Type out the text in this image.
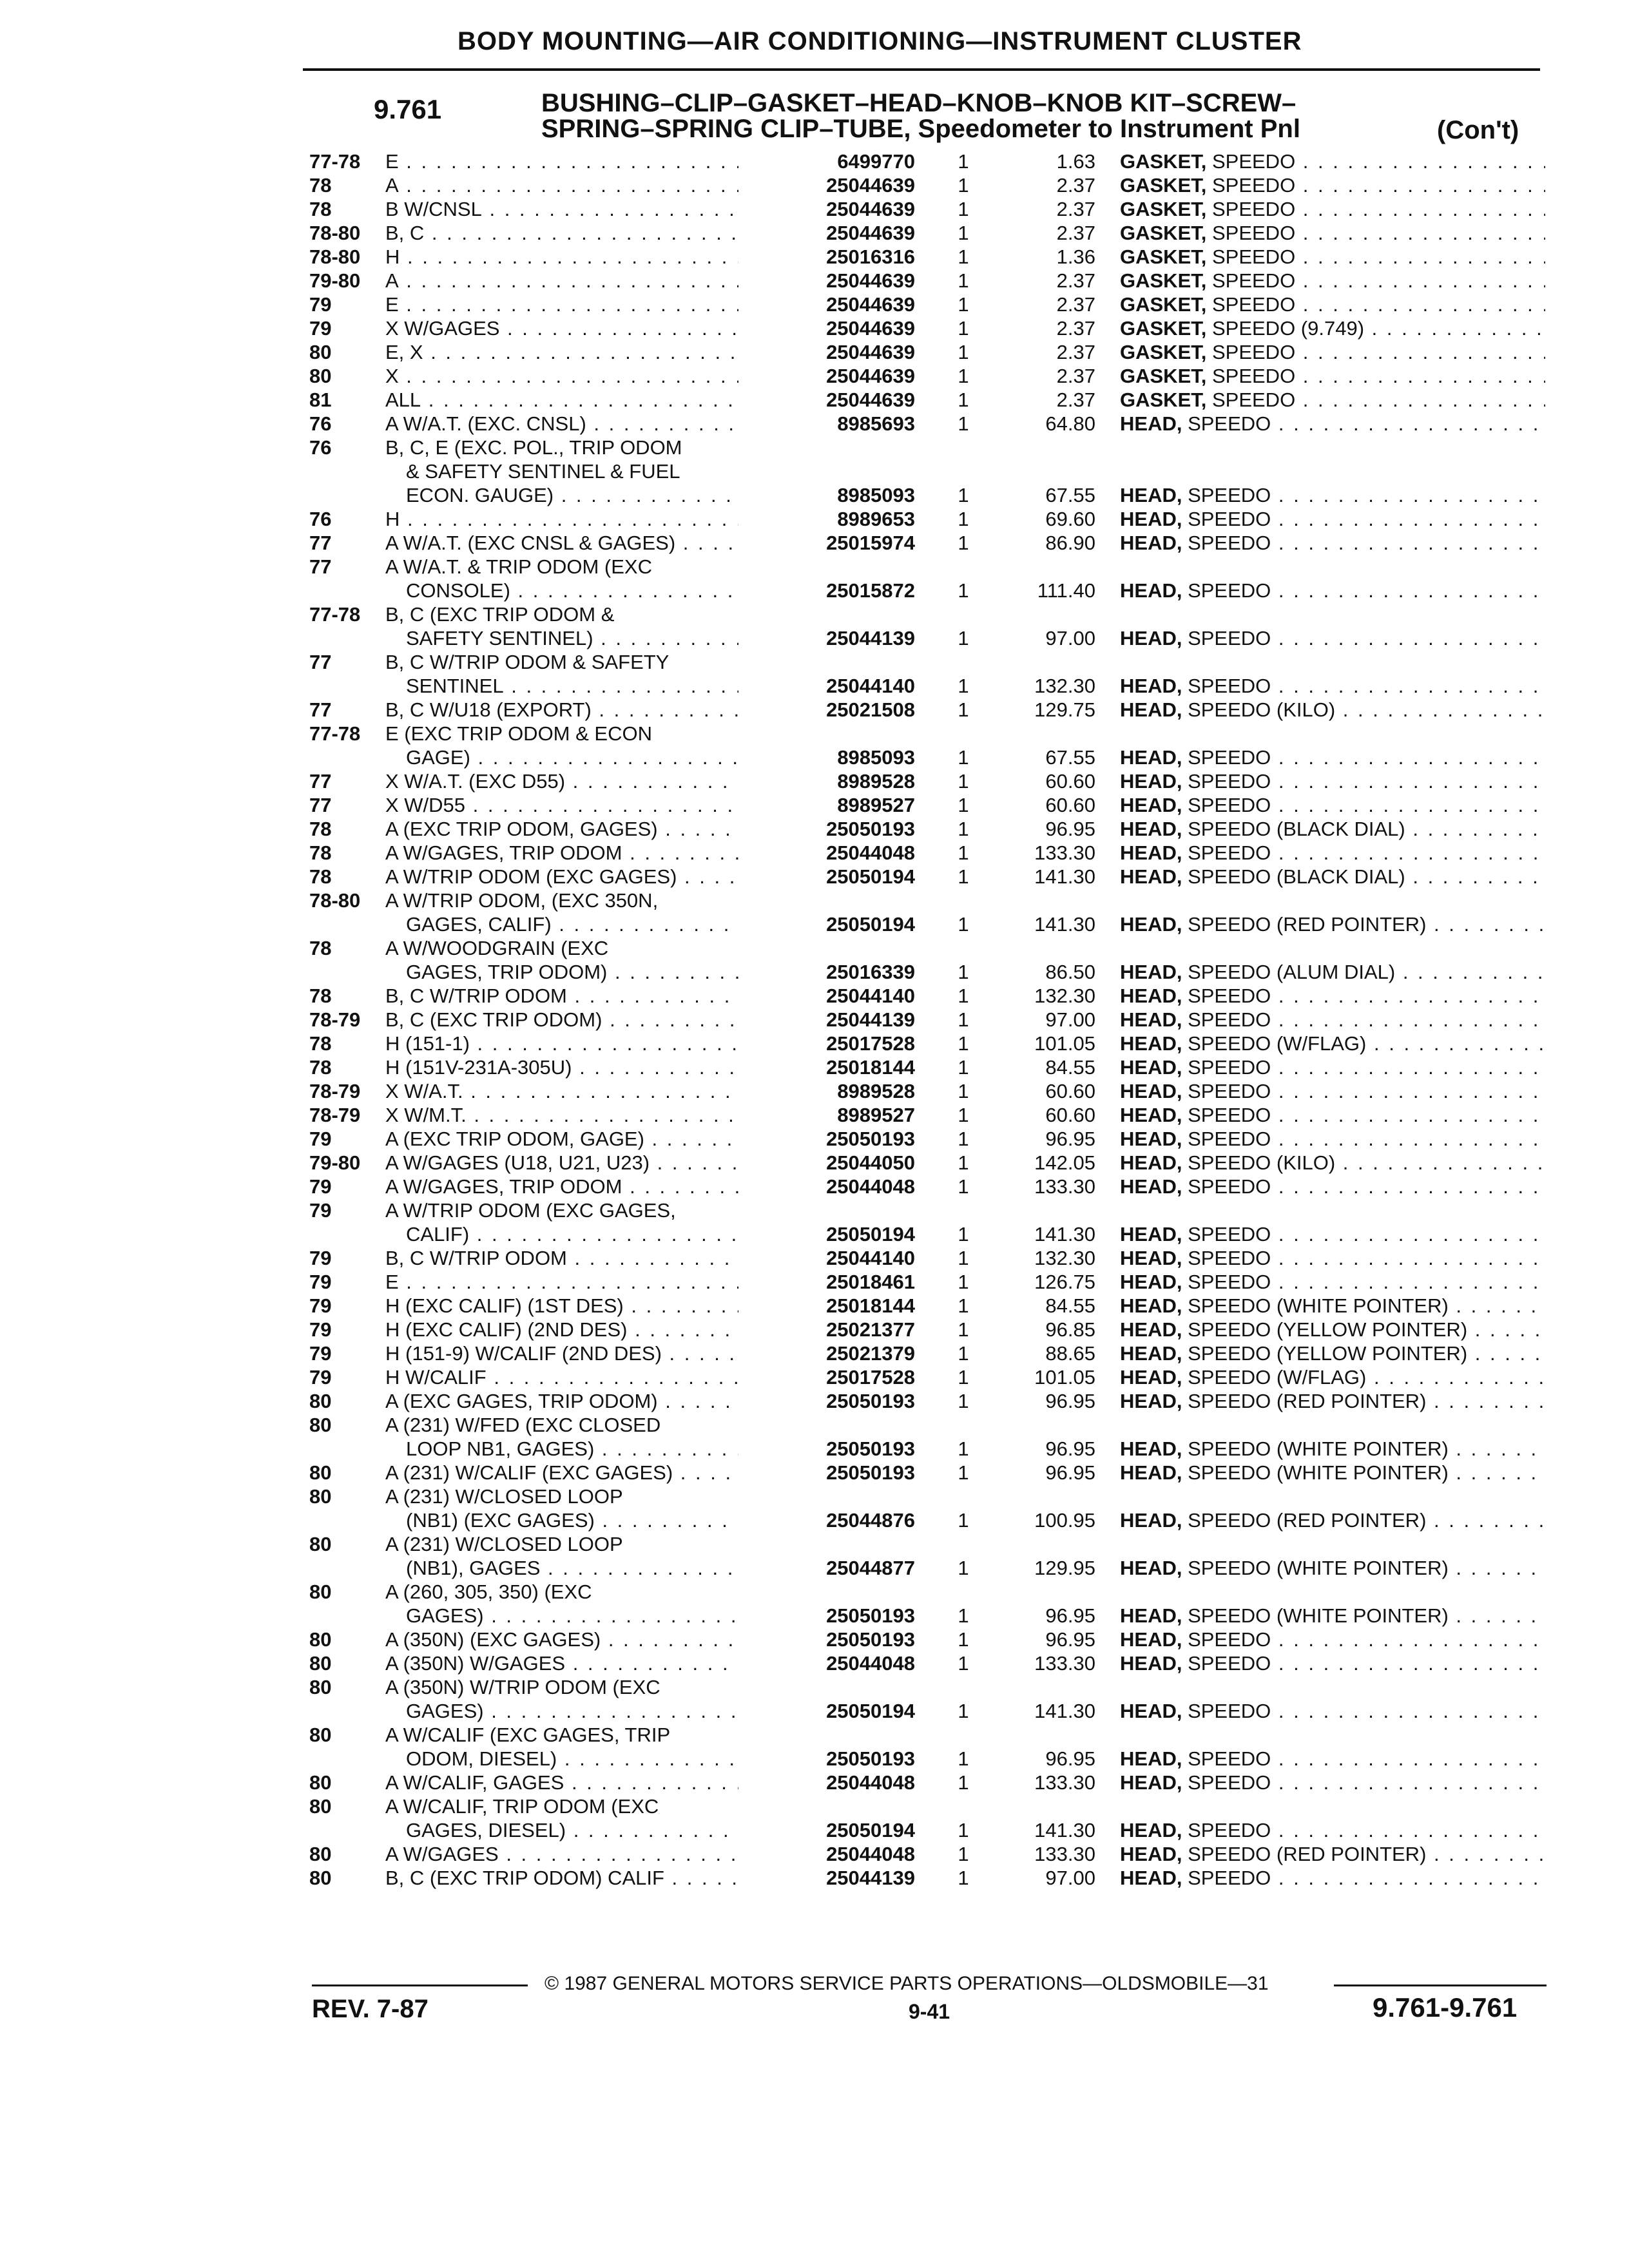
BODY MOUNTING—AIR CONDITIONING—INSTRUMENT CLUSTER
9.761	BUSHING–CLIP–GASKET–HEAD–KNOB–KNOB KIT–SCREW–
SPRING–SPRING CLIP–TUBE, Speedometer to Instrument Pnl	(Con't)
77-78 E . . .	6499770 1	1.63 GASKET, SPEEDO . . .
78	A . . .	25044639 1	2.37 GASKET, SPEEDO . . .
78	B W/CNSL . . .	25044639 1	2.37 GASKET, SPEEDO . . .
78-80 B, C . . .	25044639 1	2.37 GASKET, SPEEDO . . .
78-80 H . . .	25016316 1	1.36 GASKET, SPEEDO . . .
79-80 A . . .	25044639 1	2.37 GASKET, SPEEDO . . .
79	E . . .	25044639 1	2.37 GASKET, SPEEDO . . .
79	X W/GAGES . . .	25044639 1	2.37 GASKET, SPEEDO (9.749) . . .
80	E, X . . .	25044639 1	2.37 GASKET, SPEEDO . . .
80	X . . .	25044639 1	2.37 GASKET, SPEEDO . . .
81	ALL . . .	25044639 1	2.37 GASKET, SPEEDO . . .
76	A W/A.T. (EXC. CNSL) . . .	8985693 1	64.80 HEAD, SPEEDO . . .
76	B, C, E (EXC. POL., TRIP ODOM
& SAFETY SENTINEL & FUEL
ECON. GAUGE) . . .	8985093 1	67.55 HEAD, SPEEDO . . .
76	H . . .	8989653 1	69.60 HEAD, SPEEDO . . .
77	A W/A.T. (EXC CNSL & GAGES) . . .	25015974 1	86.90 HEAD, SPEEDO . . .
77	A W/A.T. & TRIP ODOM (EXC
CONSOLE) . . .	25015872 1	111.40 HEAD, SPEEDO . . .
77-78 B, C (EXC TRIP ODOM &
SAFETY SENTINEL) . . .	25044139 1	97.00 HEAD, SPEEDO . . .
77	B, C W/TRIP ODOM & SAFETY
SENTINEL . . .	25044140 1	132.30 HEAD, SPEEDO . . .
77	B, C W/U18 (EXPORT) . . .	25021508 1	129.75 HEAD, SPEEDO (KILO) . . .
77-78 E (EXC TRIP ODOM & ECON
GAGE) . . .	8985093 1	67.55 HEAD, SPEEDO . . .
77	X W/A.T. (EXC D55) . . .	8989528 1	60.60 HEAD, SPEEDO . . .
77	X W/D55 . . .	8989527 1	60.60 HEAD, SPEEDO . . .
78	A (EXC TRIP ODOM, GAGES) . . .	25050193 1	96.95 HEAD, SPEEDO (BLACK DIAL) . . .
78	A W/GAGES, TRIP ODOM . . .	25044048 1	133.30 HEAD, SPEEDO . . .
78	A W/TRIP ODOM (EXC GAGES) . . .	25050194 1	141.30 HEAD, SPEEDO (BLACK DIAL) . . .
78-80 A W/TRIP ODOM, (EXC 350N,
GAGES, CALIF) . . .	25050194 1	141.30 HEAD, SPEEDO (RED POINTER) . . .
78	A W/WOODGRAIN (EXC
GAGES, TRIP ODOM) . . .	25016339 1	86.50 HEAD, SPEEDO (ALUM DIAL) . . .
78	B, C W/TRIP ODOM . . .	25044140 1	132.30 HEAD, SPEEDO . . .
78-79 B, C (EXC TRIP ODOM) . . .	25044139 1	97.00 HEAD, SPEEDO . . .
78	H (151-1) . . .	25017528 1	101.05 HEAD, SPEEDO (W/FLAG) . . .
78	H (151V-231A-305U) . . .	25018144 1	84.55 HEAD, SPEEDO . . .
78-79 X W/A.T. . . .	8989528 1	60.60 HEAD, SPEEDO . . .
78-79 X W/M.T. . . .	8989527 1	60.60 HEAD, SPEEDO . . .
79	A (EXC TRIP ODOM, GAGE) . . .	25050193 1	96.95 HEAD, SPEEDO . . .
79-80 A W/GAGES (U18, U21, U23) . . .	25044050 1	142.05 HEAD, SPEEDO (KILO) . . .
79	A W/GAGES, TRIP ODOM . . .	25044048 1	133.30 HEAD, SPEEDO . . .
79	A W/TRIP ODOM (EXC GAGES,
CALIF) . . .	25050194 1	141.30 HEAD, SPEEDO . . .
79	B, C W/TRIP ODOM . . .	25044140 1	132.30 HEAD, SPEEDO . . .
79	E . . .	25018461 1	126.75 HEAD, SPEEDO . . .
79	H (EXC CALIF) (1ST DES) . . .	25018144 1	84.55 HEAD, SPEEDO (WHITE POINTER) . . .
79	H (EXC CALIF) (2ND DES) . . .	25021377 1	96.85 HEAD, SPEEDO (YELLOW POINTER) . . .
79	H (151-9) W/CALIF (2ND DES) . . .	25021379 1	88.65 HEAD, SPEEDO (YELLOW POINTER) . . .
79	H W/CALIF . . .	25017528 1	101.05 HEAD, SPEEDO (W/FLAG) . . .
80	A (EXC GAGES, TRIP ODOM) . . .	25050193 1	96.95 HEAD, SPEEDO (RED POINTER) . . .
80	A (231) W/FED (EXC CLOSED
LOOP NB1, GAGES) . . .	25050193 1	96.95 HEAD, SPEEDO (WHITE POINTER) . . .
80	A (231) W/CALIF (EXC GAGES) . . .	25050193 1	96.95 HEAD, SPEEDO (WHITE POINTER) . . .
80	A (231) W/CLOSED LOOP
(NB1) (EXC GAGES) . . .	25044876 1	100.95 HEAD, SPEEDO (RED POINTER) . . .
80	A (231) W/CLOSED LOOP
(NB1), GAGES . . .	25044877 1	129.95 HEAD, SPEEDO (WHITE POINTER) . . .
80	A (260, 305, 350) (EXC
GAGES) . . .	25050193 1	96.95 HEAD, SPEEDO (WHITE POINTER) . . .
80	A (350N) (EXC GAGES) . . .	25050193 1	96.95 HEAD, SPEEDO . . .
80	A (350N) W/GAGES . . .	25044048 1	133.30 HEAD, SPEEDO . . .
80	A (350N) W/TRIP ODOM (EXC
GAGES) . . .	25050194 1	141.30 HEAD, SPEEDO . . .
80	A W/CALIF (EXC GAGES, TRIP
ODOM, DIESEL) . . .	25050193 1	96.95 HEAD, SPEEDO . . .
80	A W/CALIF, GAGES . . .	25044048 1	133.30 HEAD, SPEEDO . . .
80	A W/CALIF, TRIP ODOM (EXC
GAGES, DIESEL) . . .	25050194 1	141.30 HEAD, SPEEDO . . .
80	A W/GAGES . . .	25044048 1	133.30 HEAD, SPEEDO (RED POINTER) . . .
80	B, C (EXC TRIP ODOM) CALIF . . .	25044139 1	97.00 HEAD, SPEEDO . . .
© 1987 GENERAL MOTORS SERVICE PARTS OPERATIONS—OLDSMOBILE—31
REV. 7-87	9-41	9.761-9.761
